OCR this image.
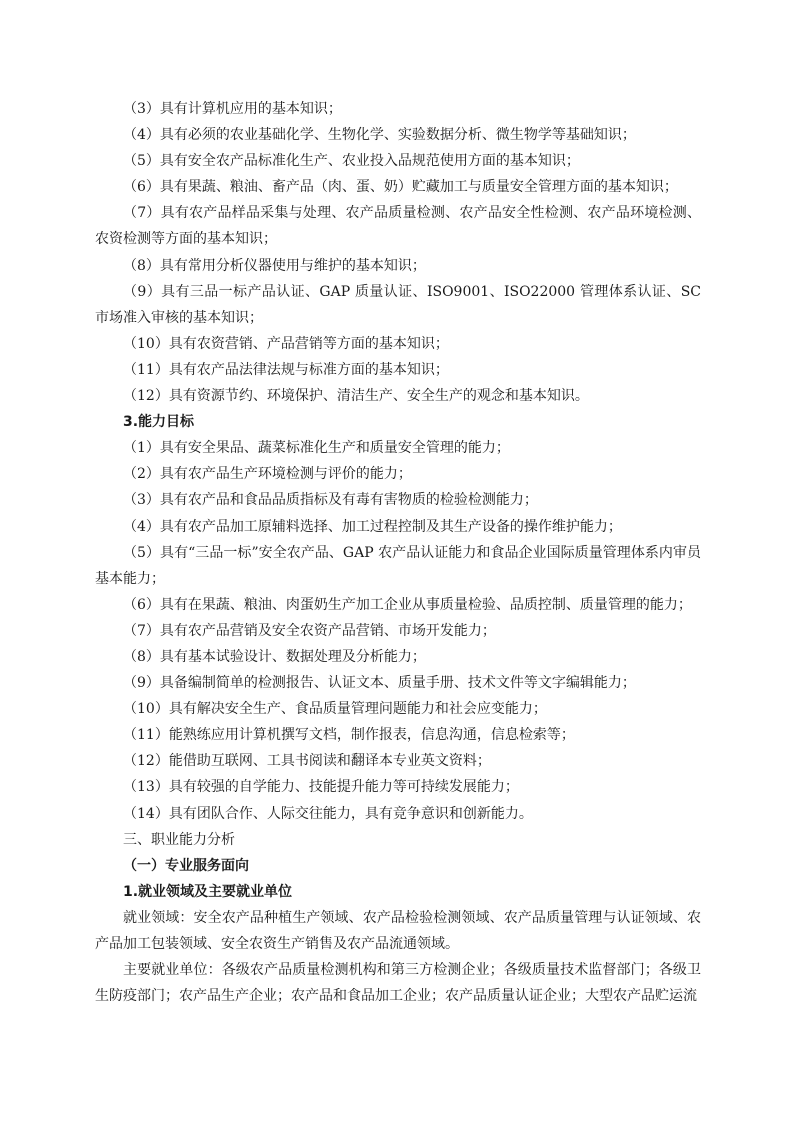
（3）具有计算机应用的基本知识；

（4）具有必须的农业基础化学、生物化学、实验数据分析、微生物学等基础知识；

（5）具有安全农产品标准化生产、农业投入品规范使用方面的基本知识；

（6）具有果蔬、粮油、畜产品（肉、蛋、奶）贮藏加工与质量安全管理方面的基本知识；

（7）具有农产品样品采集与处理、农产品质量检测、农产品安全性检测、农产品环境检测、农资检测等方面的基本知识；

（8）具有常用分析仪器使用与维护的基本知识；

（9）具有三品一标产品认证、GAP 质量认证、ISO9001、ISO22000 管理体系认证、SC 市场准入审核的基本知识；

（10）具有农资营销、产品营销等方面的基本知识；

（11）具有农产品法律法规与标准方面的基本知识；

（12）具有资源节约、环境保护、清洁生产、安全生产的观念和基本知识。

3.能力目标

（1）具有安全果品、蔬菜标准化生产和质量安全管理的能力；

（2）具有农产品生产环境检测与评价的能力；

（3）具有农产品和食品品质指标及有毒有害物质的检验检测能力；

（4）具有农产品加工原辅料选择、加工过程控制及其生产设备的操作维护能力；

（5）具有“三品一标”安全农产品、GAP 农产品认证能力和食品企业国际质量管理体系内审员基本能力；

（6）具有在果蔬、粮油、肉蛋奶生产加工企业从事质量检验、品质控制、质量管理的能力；

（7）具有农产品营销及安全农资产品营销、市场开发能力；

（8）具有基本试验设计、数据处理及分析能力；

（9）具备编制简单的检测报告、认证文本、质量手册、技术文件等文字编辑能力；

（10）具有解决安全生产、食品质量管理问题能力和社会应变能力；

（11）能熟练应用计算机撰写文档，制作报表，信息沟通，信息检索等；

（12）能借助互联网、工具书阅读和翻译本专业英文资料；

（13）具有较强的自学能力、技能提升能力等可持续发展能力；

（14）具有团队合作、人际交往能力，具有竞争意识和创新能力。

三、职业能力分析

（一）专业服务面向

1.就业领域及主要就业单位

就业领域：安全农产品种植生产领域、农产品检验检测领域、农产品质量管理与认证领域、农产品加工包装领域、安全农资生产销售及农产品流通领域。

主要就业单位：各级农产品质量检测机构和第三方检测企业；各级质量技术监督部门；各级卫生防疫部门；农产品生产企业；农产品和食品加工企业；农产品质量认证企业；大型农产品贮运流
